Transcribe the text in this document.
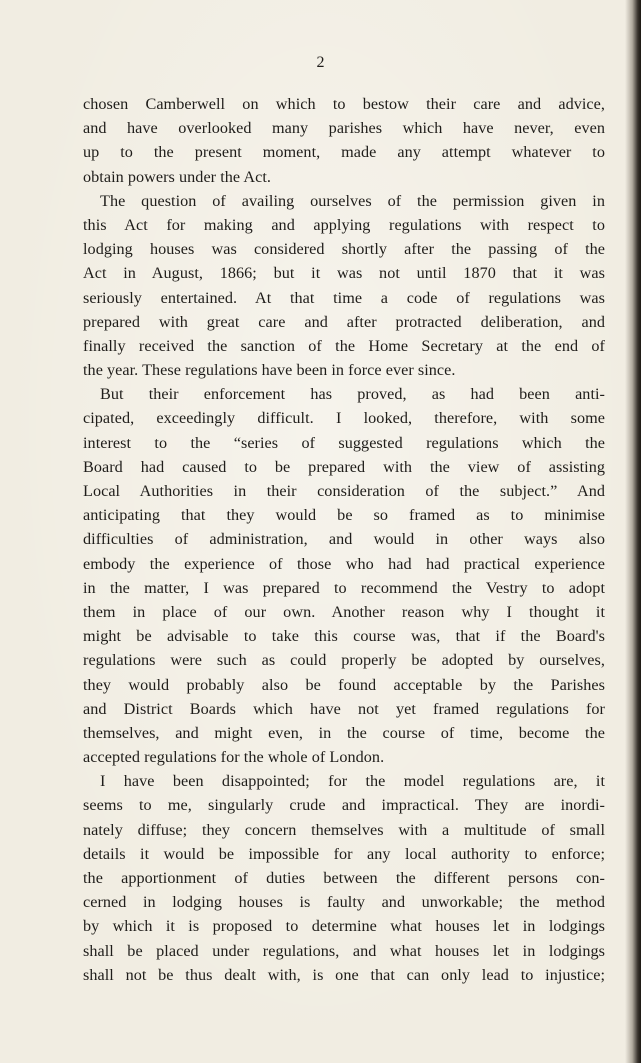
2

chosen Camberwell on which to bestow their care and advice,
and have overlooked many parishes which have never, even
up to the present moment, made any attempt whatever to
obtain powers under the Act.

The question of availing ourselves of the permission given in
this Act for making and applying regulations with respect to
lodging houses was considered shortly after the passing of the
Act in August, 1866; but it was not until 1870 that it was
seriously entertained. At that time a code of regulations was
prepared with great care and after protracted deliberation, and
finally received the sanction of the Home Secretary at the end of
the year. These regulations have been in force ever since.

But their enforcement has proved, as had been anti-
cipated, exceedingly difficult. I looked, therefore, with some
interest to the “series of suggested regulations which the
Board had caused to be prepared with the view of assisting
Local Authorities in their consideration of the subject.” And
anticipating that they would be so framed as to minimise
difficulties of administration, and would in other ways also
embody the experience of those who had had practical experience
in the matter, I was prepared to recommend the Vestry to adopt
them in place of our own. Another reason why I thought it
might be advisable to take this course was, that if the Board's
regulations were such as could properly be adopted by ourselves,
they would probably also be found acceptable by the Parishes
and District Boards which have not yet framed regulations for
themselves, and might even, in the course of time, become the
accepted regulations for the whole of London.

I have been disappointed; for the model regulations are, it
seems to me, singularly crude and impractical. They are inordi-
nately diffuse; they concern themselves with a multitude of small
details it would be impossible for any local authority to enforce;
the apportionment of duties between the different persons con-
cerned in lodging houses is faulty and unworkable; the method
by which it is proposed to determine what houses let in lodgings
shall be placed under regulations, and what houses let in lodgings
shall not be thus dealt with, is one that can only lead to injustice;
